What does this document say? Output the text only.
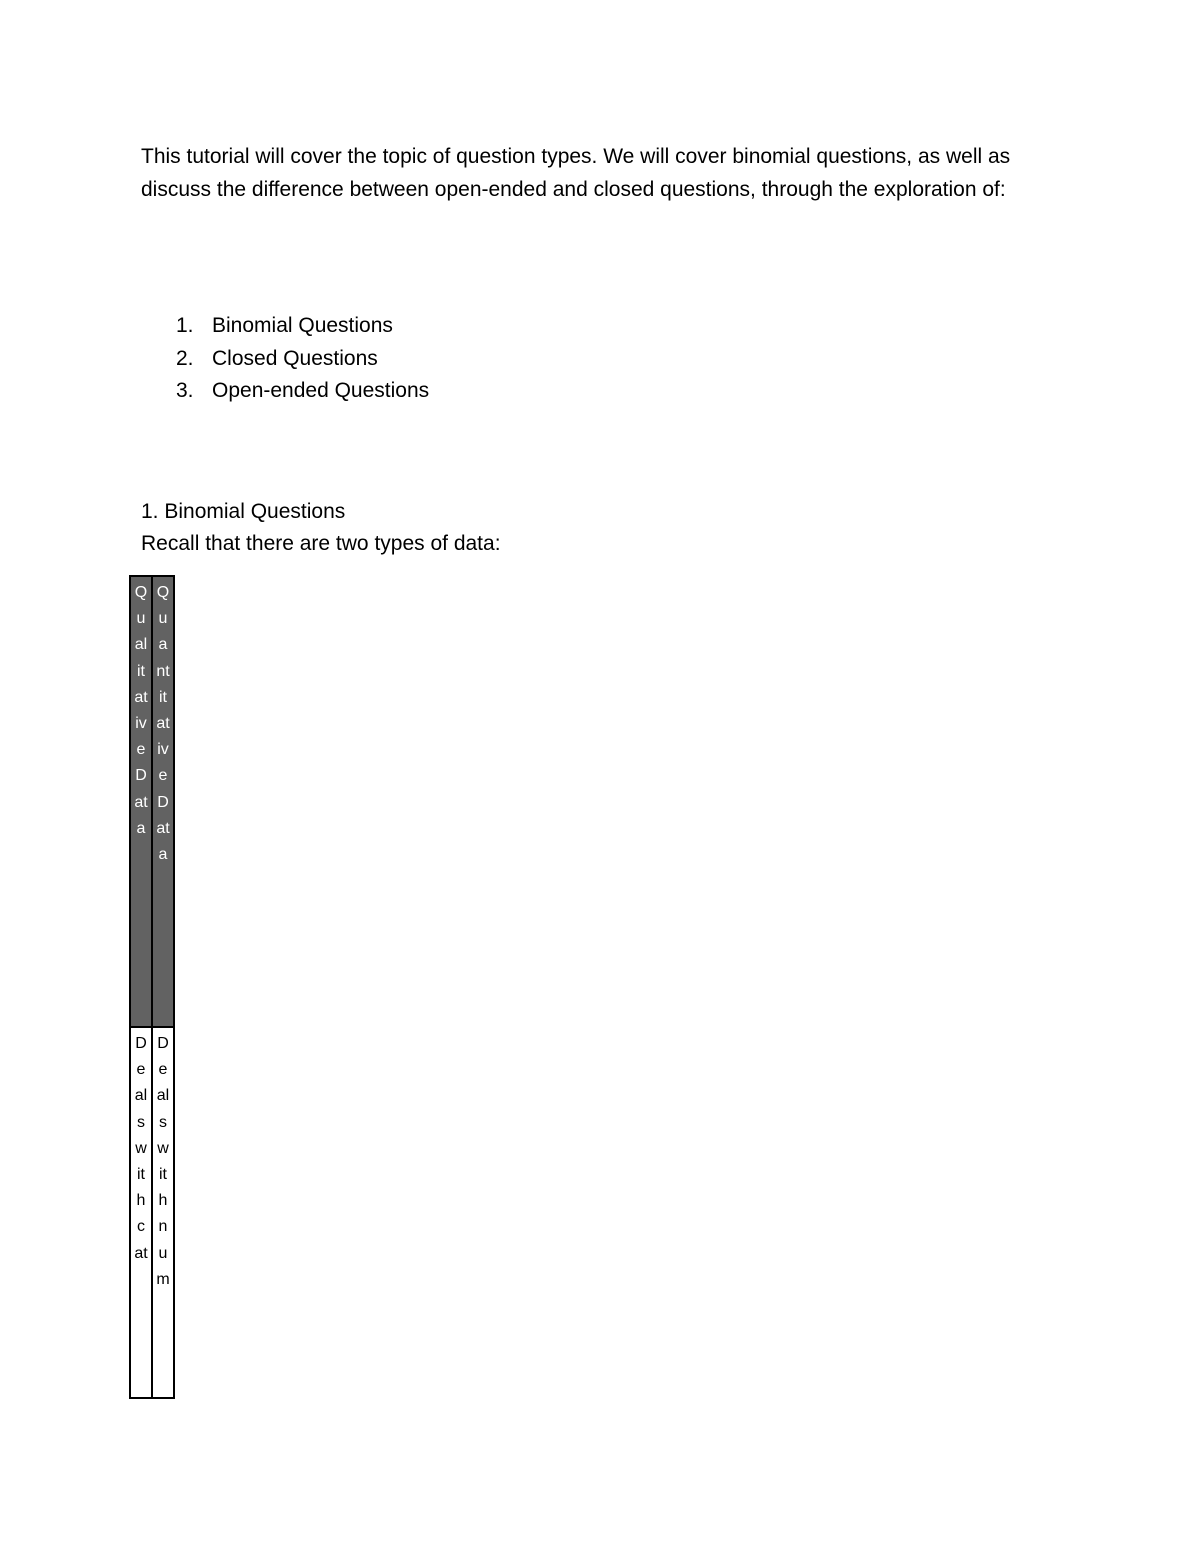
This tutorial will cover the topic of question types. We will cover binomial questions, as well as discuss the difference between open-ended and closed questions, through the exploration of:

1. Binomial Questions
2. Closed Questions
3. Open-ended Questions
1. Binomial Questions

Recall that there are two types of data:

Qualitative Data	Quantitative Data

Deals with cat	Deals with num
